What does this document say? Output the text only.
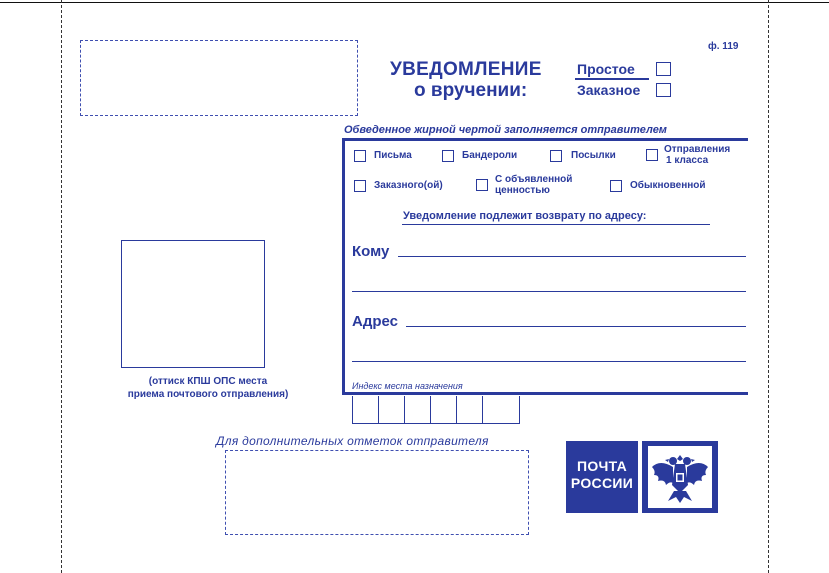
ф. 119
УВЕДОМЛЕНИЕ
о вручении:
Простое
Заказное
Обведенное жирной чертой заполняется отправителем
Письма	Бандероли	Посылки
Отправления
1 класса
Заказного(ой)
С объявленной
ценностью	Обыкновенной
Уведомление подлежит возврату по адресу:
Кому
Адрес
Индекс места назначения
(оттиск КПШ ОПС места
приема почтового отправления)
Для дополнительных отметок отправителя
ПОЧТА
РОССИИ
